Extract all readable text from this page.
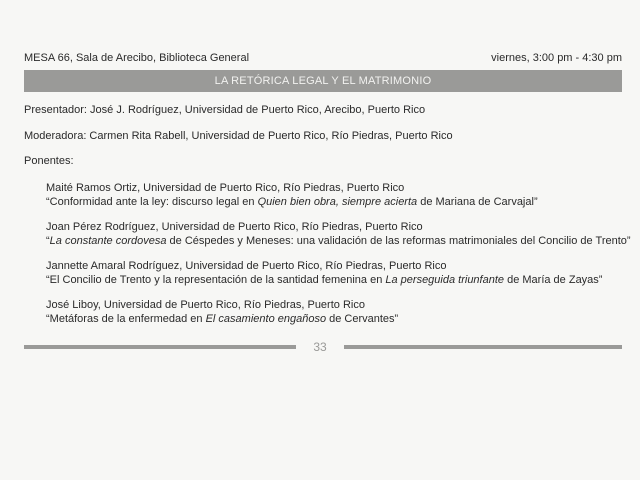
MESA 66, Sala de Arecibo, Biblioteca General	viernes, 3:00 pm - 4:30 pm
LA RETÓRICA LEGAL Y EL MATRIMONIO
Presentador: José J. Rodríguez, Universidad de Puerto Rico, Arecibo, Puerto Rico
Moderadora: Carmen Rita Rabell, Universidad de Puerto Rico, Río Piedras, Puerto Rico
Ponentes:
Maité Ramos Ortiz, Universidad de Puerto Rico, Río Piedras, Puerto Rico
“Conformidad ante la ley: discurso legal en Quien bien obra, siempre acierta de Mariana de Carvajal”
Joan Pérez Rodríguez, Universidad de Puerto Rico, Río Piedras, Puerto Rico
“La constante cordovesa de Céspedes y Meneses: una validación de las reformas matrimoniales del Concilio de Trento”
Jannette Amaral Rodríguez, Universidad de Puerto Rico, Río Piedras, Puerto Rico
“El Concilio de Trento y la representación de la santidad femenina en La perseguida triunfante de María de Zayas”
José Liboy, Universidad de Puerto Rico, Río Piedras, Puerto Rico
“Metáforas de la enfermedad en El casamiento engañoso de Cervantes”
33
